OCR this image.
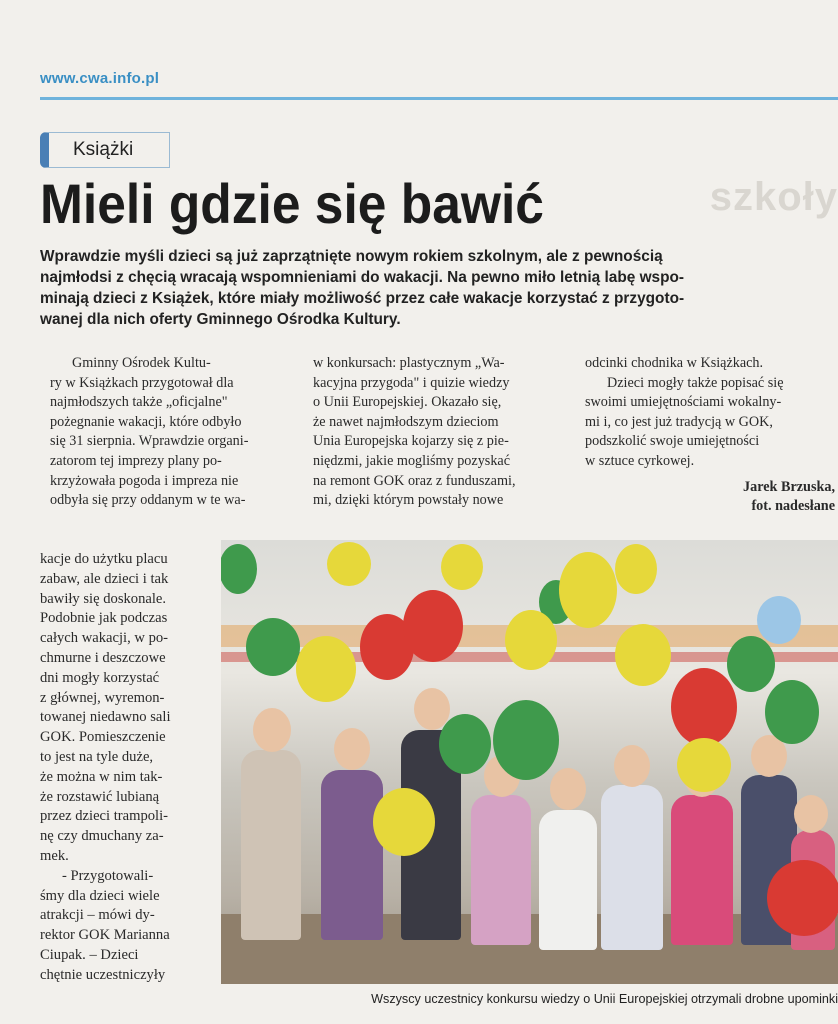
www.cwa.info.pl
szkoły
Książki
Mieli gdzie się bawić
Wprawdzie myśli dzieci są już zaprzątnięte nowym rokiem szkolnym, ale z pewnością
najmłodsi z chęcią wracają wspomnieniami do wakacji. Na pewno miło letnią labę wspo-
minają dzieci z Książek, które miały możliwość przez całe wakacje korzystać z przygoto-
wanej dla nich oferty Gminnego Ośrodka Kultury.
Gminny Ośrodek Kultu-
ry w Książkach przygotował dla
najmłodszych także „oficjalne"
pożegnanie wakacji, które odbyło
się 31 sierpnia. Wprawdzie organi-
zatorom tej imprezy plany po-
krzyżowała pogoda i impreza nie
odbyła się przy oddanym w te wa-
kacje do użytku placu
zabaw, ale dzieci i tak
bawiły się doskonale.
Podobnie jak podczas
całych wakacji, w po-
chmurne i deszczowe
dni mogły korzystać
z głównej, wyremon-
towanej niedawno sali
GOK. Pomieszczenie
to jest na tyle duże,
że można w nim tak-
że rozstawić lubianą
przez dzieci trampoli-
nę czy dmuchany za-
mek.
- Przygotowali-
śmy dla dzieci wiele
atrakcji – mówi dy-
rektor GOK Marianna
Ciupak. – Dzieci
chętnie uczestniczyły
w konkursach: plastycznym „Wa-
kacyjna przygoda" i quizie wiedzy
o Unii Europejskiej. Okazało się,
że nawet najmłodszym dzieciom
Unia Europejska kojarzy się z pie-
niędzmi, jakie mogliśmy pozyskać
na remont GOK oraz z funduszami,
mi, dzięki którym powstały nowe
odcinki chodnika w Książkach.
Dzieci mogły także popisać się
swoimi umiejętnościami wokalny-
mi i, co jest już tradycją w GOK,
podszkolić swoje umiejętności
w sztuce cyrkowej.
Jarek Brzuska,
fot. nadesłane
Wszyscy uczestnicy konkursu wiedzy o Unii Europejskiej otrzymali drobne upominki
